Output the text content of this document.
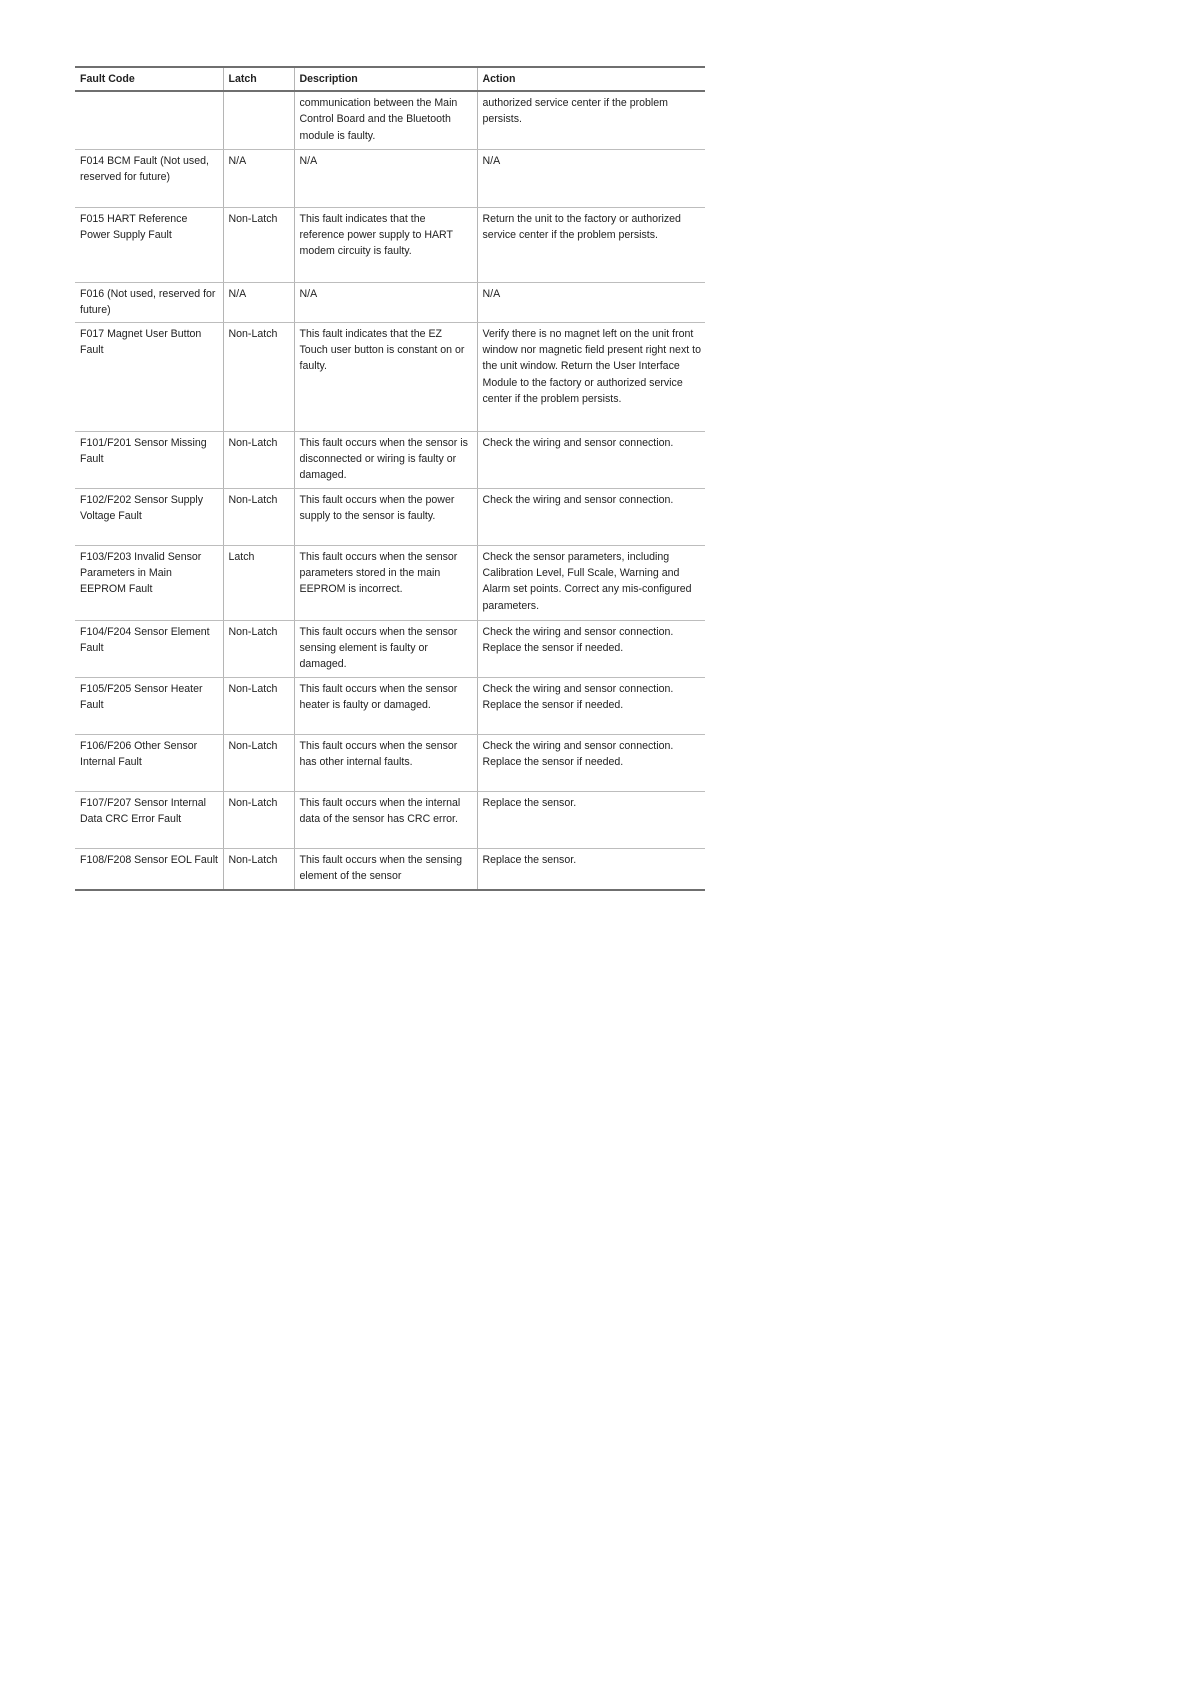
Fault Code	Latch	Description	Action
		communication between the Main Control Board and the Bluetooth module is faulty.	authorized service center if the problem persists.
F014 BCM Fault (Not used, reserved for future)	N/A	N/A	N/A
F015 HART Reference Power Supply Fault	Non-Latch	This fault indicates that the reference power supply to HART modem circuity is faulty.	Return the unit to the factory or authorized service center if the problem persists.
F016 (Not used, reserved for future)	N/A	N/A	N/A
F017 Magnet User Button Fault	Non-Latch	This fault indicates that the EZ Touch user button is constant on or faulty.	Verify there is no magnet left on the unit front window nor magnetic field present right next to the unit window. Return the User Interface Module to the factory or authorized service center if the problem persists.
F101/F201 Sensor Missing Fault	Non-Latch	This fault occurs when the sensor is disconnected or wiring is faulty or damaged.	Check the wiring and sensor connection.
F102/F202 Sensor Supply Voltage Fault	Non-Latch	This fault occurs when the power supply to the sensor is faulty.	Check the wiring and sensor connection.
F103/F203 Invalid Sensor Parameters in Main EEPROM Fault	Latch	This fault occurs when the sensor parameters stored in the main EEPROM is incorrect.	Check the sensor parameters, including Calibration Level, Full Scale, Warning and Alarm set points. Correct any mis-configured parameters.
F104/F204 Sensor Element Fault	Non-Latch	This fault occurs when the sensor sensing element is faulty or damaged.	Check the wiring and sensor connection. Replace the sensor if needed.
F105/F205 Sensor Heater Fault	Non-Latch	This fault occurs when the sensor heater is faulty or damaged.	Check the wiring and sensor connection. Replace the sensor if needed.
F106/F206 Other Sensor Internal Fault	Non-Latch	This fault occurs when the sensor has other internal faults.	Check the wiring and sensor connection. Replace the sensor if needed.
F107/F207 Sensor Internal Data CRC Error Fault	Non-Latch	This fault occurs when the internal data of the sensor has CRC error.	Replace the sensor.
F108/F208 Sensor EOL Fault	Non-Latch	This fault occurs when the sensing element of the sensor	Replace the sensor.
